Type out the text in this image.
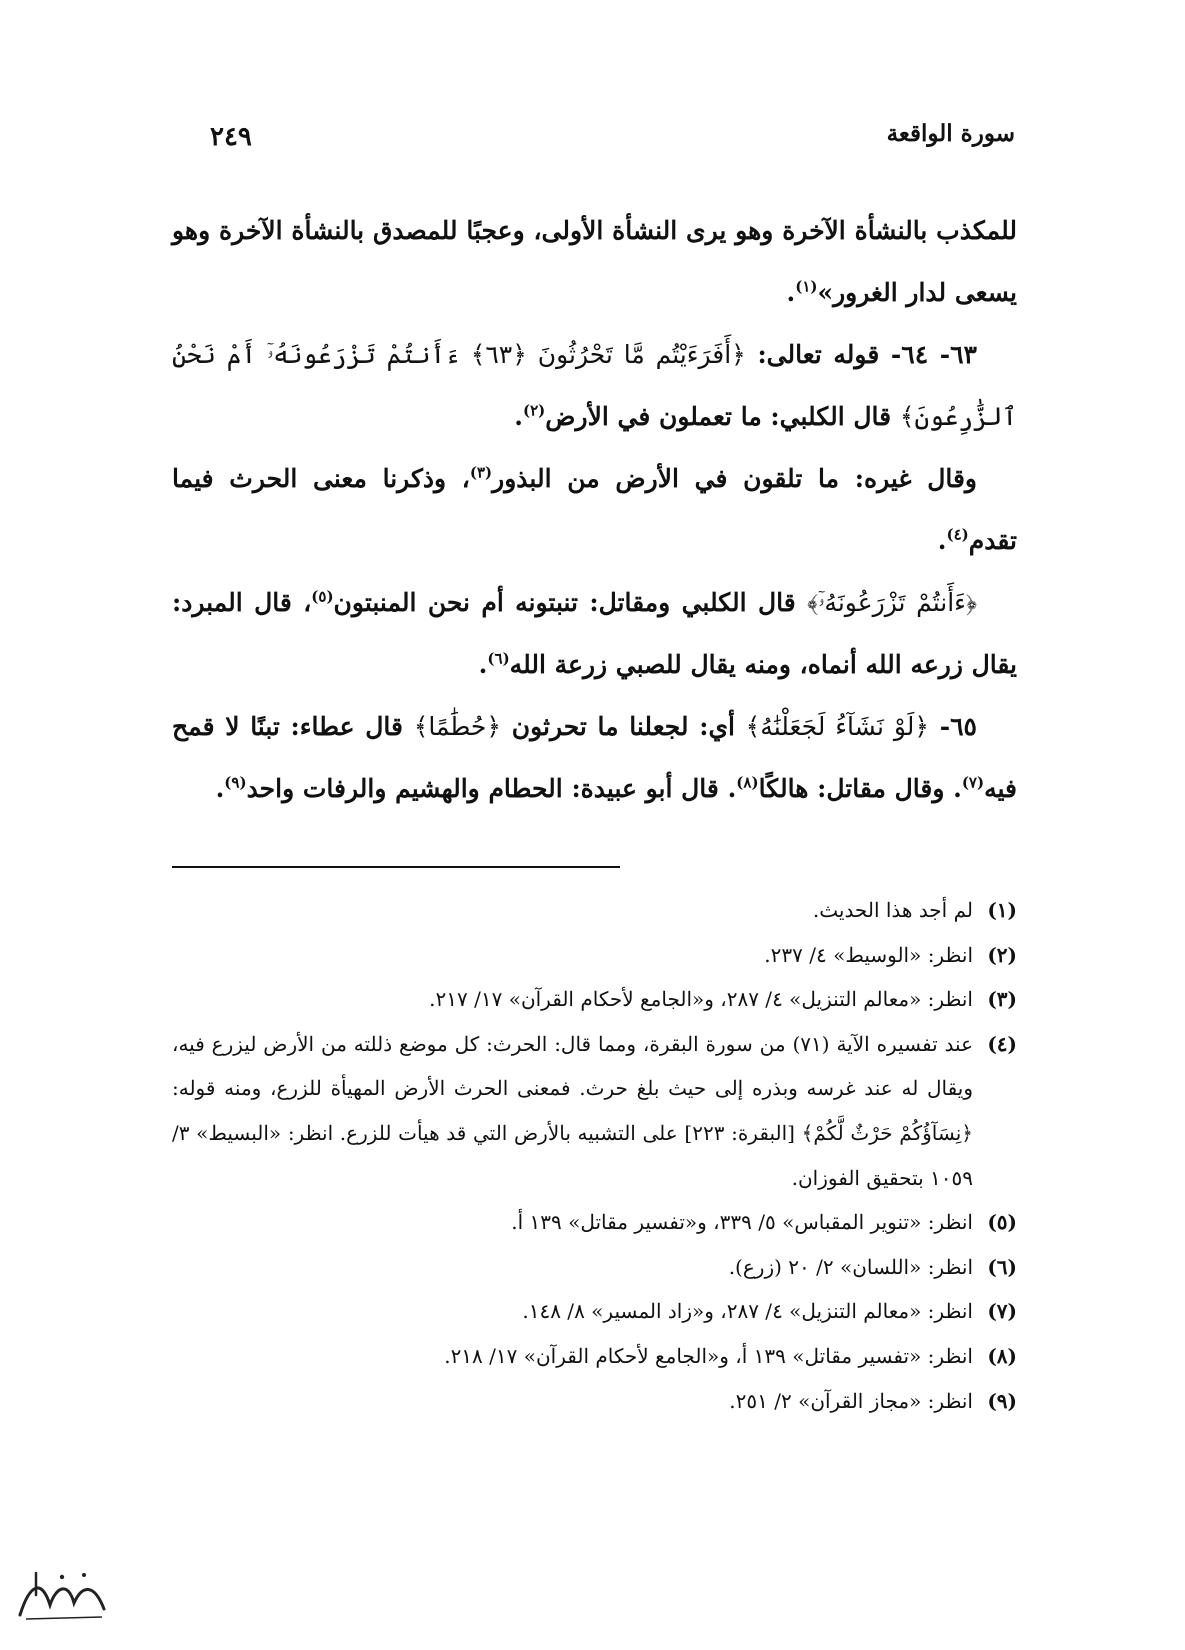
سورة الواقعة
٢٤٩

للمكذب بالنشأة الآخرة وهو يرى النشأة الأولى، وعجبًا للمصدق بالنشأة الآخرة وهو يسعى لدار الغرور»$^{(١)}$.

٦٣- ٦٤- قوله تعالى: ﴿أَفَرَءَيْتُم مَّا تَحْرُثُونَ ﴿٦٣﴾ ءَأَنتُمْ تَزْرَعُونَهُۥٓ أَمْ نَحْنُ ٱلزَّٰرِعُونَ﴾ قال الكلبي: ما تعملون في الأرض$^{(٢)}$.

وقال غيره: ما تلقون في الأرض من البذور$^{(٣)}$، وذكرنا معنى الحرث فيما تقدم$^{(٤)}$.

﴿ءَأَنتُمْ تَزْرَعُونَهُۥٓ﴾ قال الكلبي ومقاتل: تنبتونه أم نحن المنبتون$^{(٥)}$، قال المبرد: يقال زرعه الله أنماه، ومنه يقال للصبي زرعة الله$^{(٦)}$.

٦٥- ﴿لَوْ نَشَآءُ لَجَعَلْنَٰهُ﴾ أي: لجعلنا ما تحرثون ﴿حُطَٰمًا﴾ قال عطاء: تبنًا لا قمح فيه$^{(٧)}$. وقال مقاتل: هالكًا$^{(٨)}$. قال أبو عبيدة: الحطام والهشيم والرفات واحد$^{(٩)}$.

(١)
لم أجد هذا الحديث.
(٢)
انظر: «الوسيط» ٤/ ٢٣٧.
(٣)
انظر: «معالم التنزيل» ٤/ ٢٨٧، و«الجامع لأحكام القرآن» ١٧/ ٢١٧.
(٤)
عند تفسيره الآية (٧١) من سورة البقرة، ومما قال: الحرث: كل موضع ذللته من الأرض ليزرع فيه، ويقال له عند غرسه وبذره إلى حيث بلغ حرث. فمعنى الحرث الأرض المهيأة للزرع، ومنه قوله: ﴿نِسَآؤُكُمْ حَرْثٌ لَّكُمْ﴾ [البقرة: ٢٢٣] على التشبيه بالأرض التي قد هيأت للزرع. انظر: «البسيط» ٣/ ١٠٥٩ بتحقيق الفوزان.
(٥)
انظر: «تنوير المقباس» ٥/ ٣٣٩، و«تفسير مقاتل» ١٣٩ أ.
(٦)
انظر: «اللسان» ٢/ ٢٠ (زرع).
(٧)
انظر: «معالم التنزيل» ٤/ ٢٨٧، و«زاد المسير» ٨/ ١٤٨.
(٨)
انظر: «تفسير مقاتل» ١٣٩ أ، و«الجامع لأحكام القرآن» ١٧/ ٢١٨.
(٩)
انظر: «مجاز القرآن» ٢/ ٢٥١.
